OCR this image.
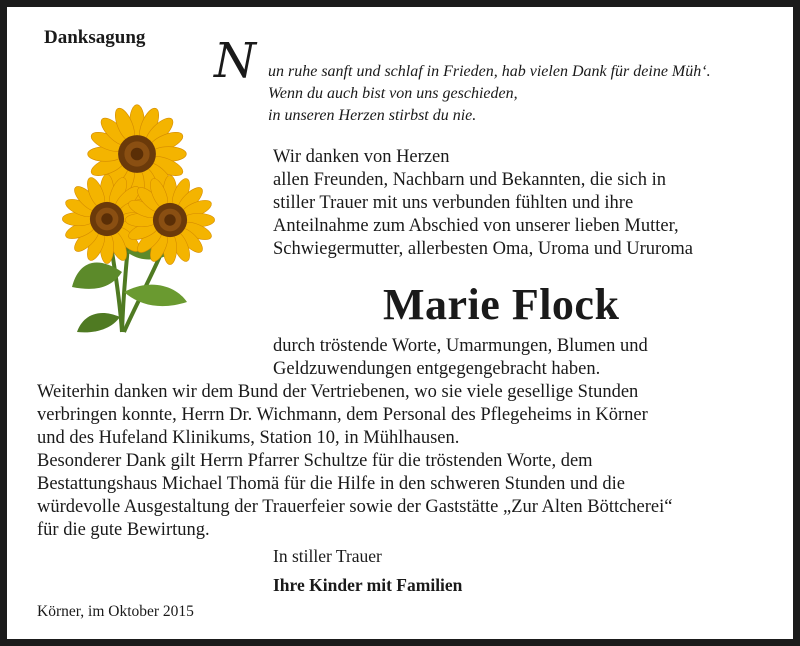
Danksagung N un ruhe sanft und schlaf in Frieden, hab vielen Dank für deine Müh‘.
Wenn du auch bist von uns geschieden,
in unseren Herzen stirbst du nie.
Wir danken von Herzen
allen Freunden, Nachbarn und Bekannten, die sich in
stiller Trauer mit uns verbunden fühlten und ihre
Anteilnahme zum Abschied von unserer lieben Mutter,
Schwiegermutter, allerbesten Oma, Uroma und Ururoma
Marie Flock
durch tröstende Worte, Umarmungen, Blumen und
Geldzuwendungen entgegengebracht haben.
Weiterhin danken wir dem Bund der Vertriebenen, wo sie viele gesellige Stunden
verbringen konnte, Herrn Dr. Wichmann, dem Personal des Pflegeheims in Körner
und des Hufeland Klinikums, Station 10, in Mühlhausen.
Besonderer Dank gilt Herrn Pfarrer Schultze für die tröstenden Worte, dem
Bestattungshaus Michael Thomä für die Hilfe in den schweren Stunden und die
würdevolle Ausgestaltung der Trauerfeier sowie der Gaststätte „Zur Alten Böttcherei“
für die gute Bewirtung.
In stiller Trauer
Ihre Kinder mit Familien
Körner, im Oktober 2015
